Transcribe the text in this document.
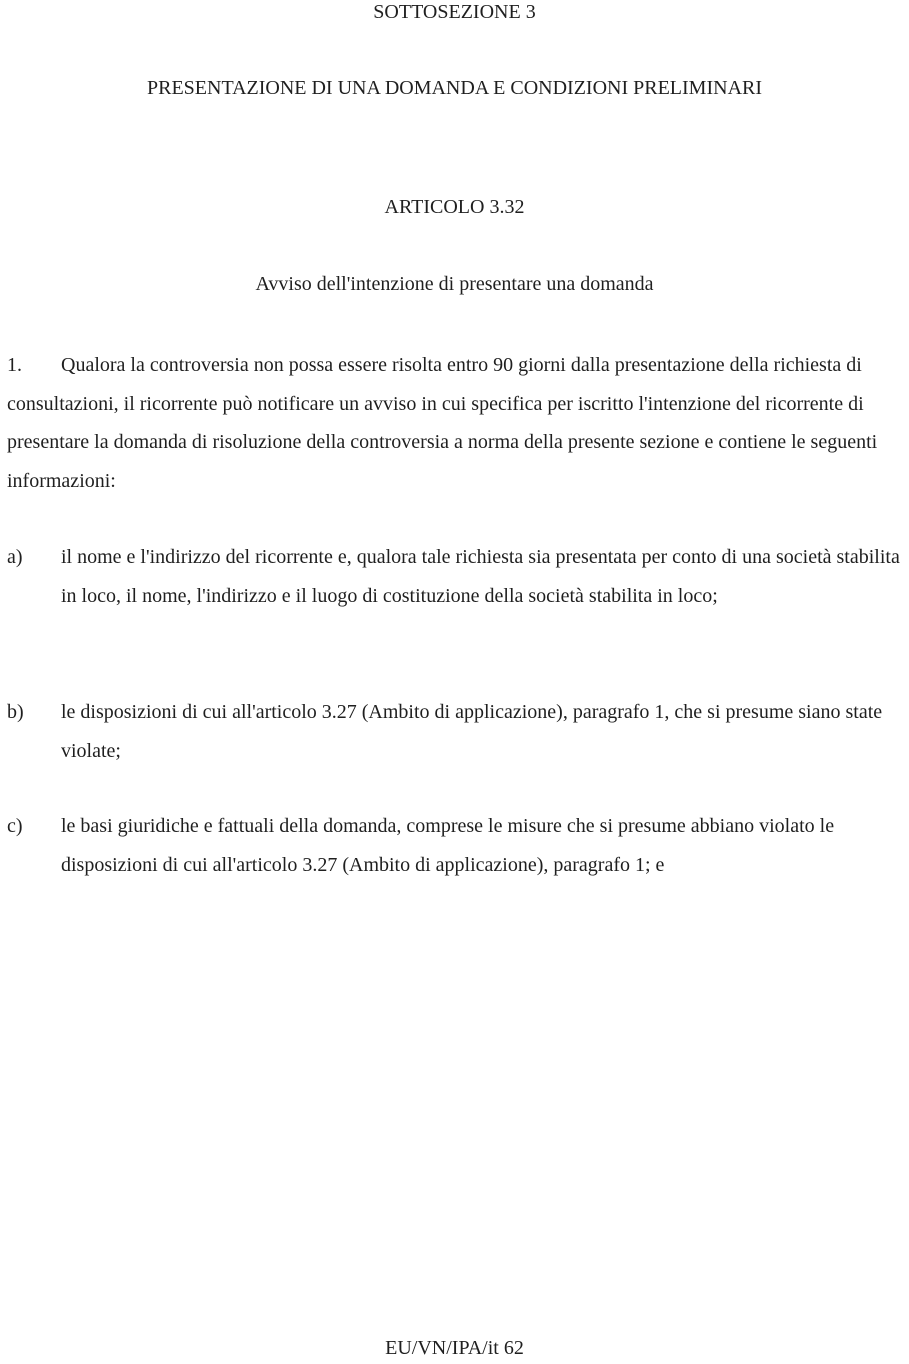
SOTTOSEZIONE 3
PRESENTAZIONE DI UNA DOMANDA E CONDIZIONI PRELIMINARI
ARTICOLO 3.32
Avviso dell'intenzione di presentare una domanda
1. Qualora la controversia non possa essere risolta entro 90 giorni dalla presentazione della richiesta di consultazioni, il ricorrente può notificare un avviso in cui specifica per iscritto l'intenzione del ricorrente di presentare la domanda di risoluzione della controversia a norma della presente sezione e contiene le seguenti informazioni:
a) il nome e l'indirizzo del ricorrente e, qualora tale richiesta sia presentata per conto di una società stabilita in loco, il nome, l'indirizzo e il luogo di costituzione della società stabilita in loco;
b) le disposizioni di cui all'articolo 3.27 (Ambito di applicazione), paragrafo 1, che si presume siano state violate;
c) le basi giuridiche e fattuali della domanda, comprese le misure che si presume abbiano violato le disposizioni di cui all'articolo 3.27 (Ambito di applicazione), paragrafo 1; e
EU/VN/IPA/it 62
